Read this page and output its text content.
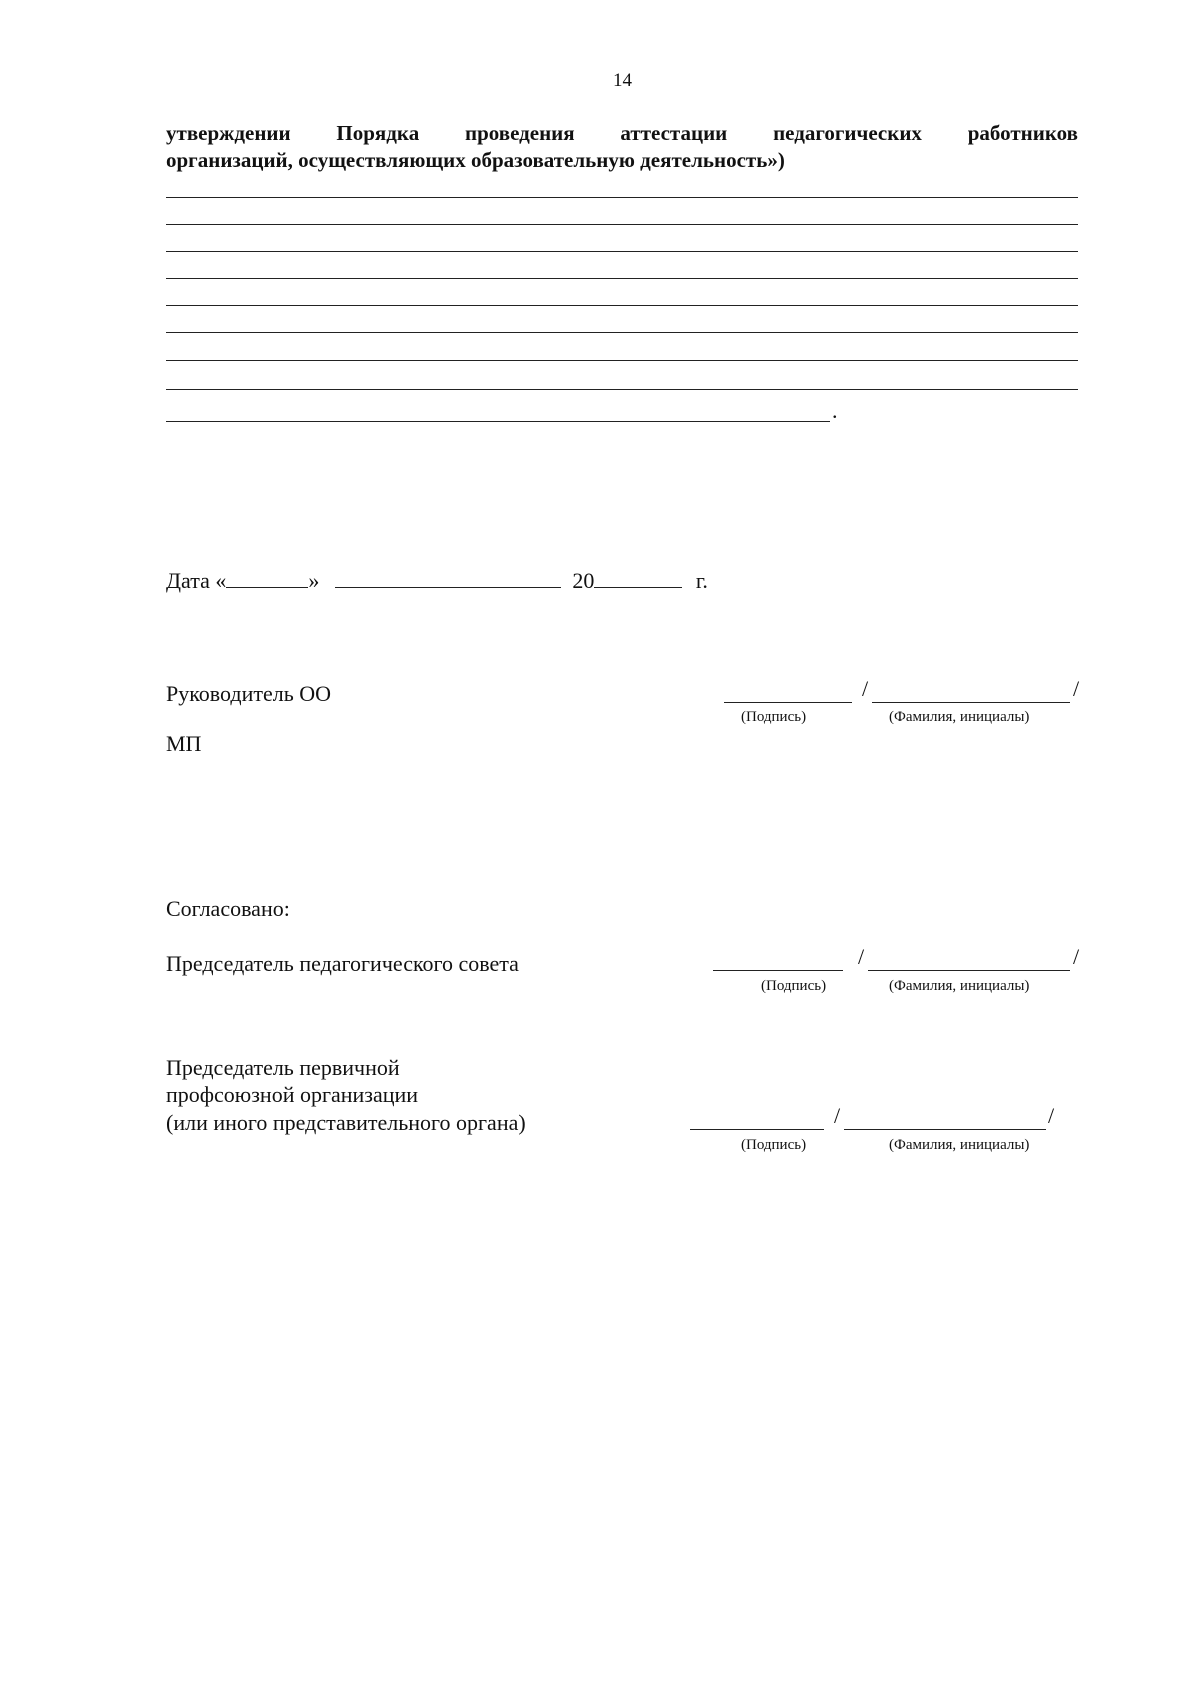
14
утверждении Порядка проведения аттестации педагогических работников
организаций, осуществляющих образовательную деятельность»)
.
Дата «	»	20	г.
Руководитель ОО	/	/
(Подпись)	(Фамилия, инициалы)
МП
Согласовано:
Председатель педагогического совета	/	/
(Подпись)	(Фамилия, инициалы)
Председатель первичной
профсоюзной организации
(или иного представительного органа)	/	/
(Подпись)	(Фамилия, инициалы)
